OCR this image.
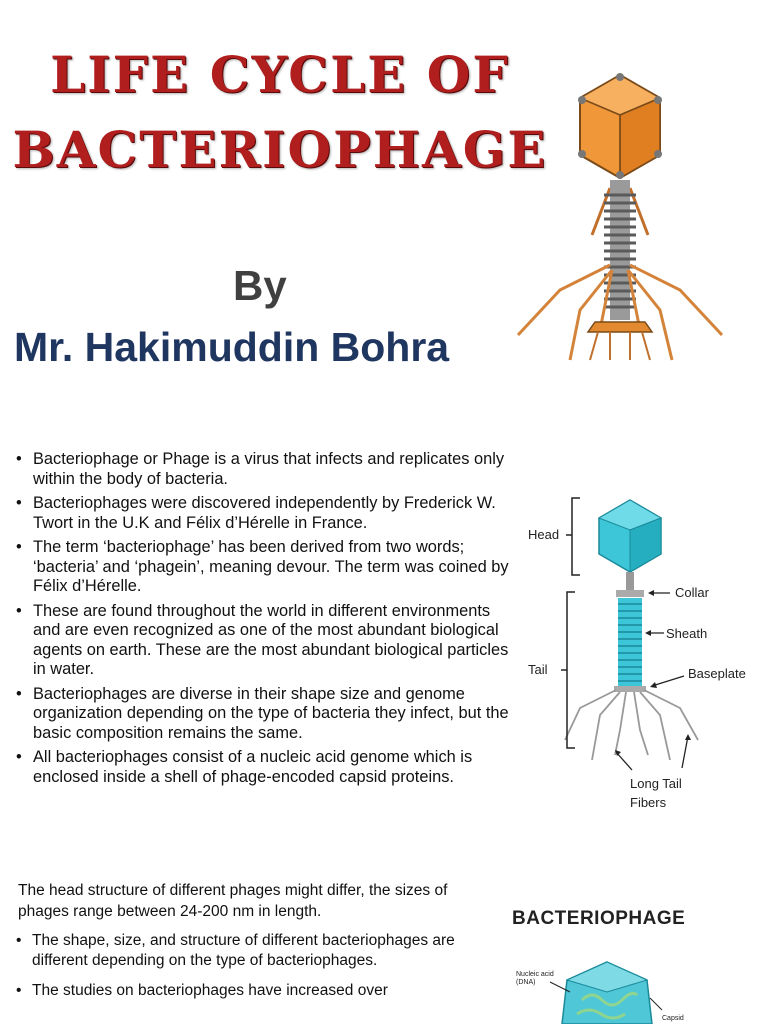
LIFE CYCLE OF
BACTERIOPHAGE
By
Mr. Hakimuddin Bohra
• Bacteriophage or Phage is a virus that infects and replicates only within the body of bacteria.
• Bacteriophages were discovered independently by Frederick W. Twort in the U.K and Félix d’Hérelle in France.
• The term ‘bacteriophage’ has been derived from two words; ‘bacteria’ and ‘phagein’, meaning devour. The term was coined by Félix d’Hérelle.
• These are found throughout the world in different environments and are even recognized as one of the most abundant biological agents on earth. These are the most abundant biological particles in water.
• Bacteriophages are diverse in their shape size and genome organization depending on the type of bacteria they infect, but the basic composition remains the same.
• All bacteriophages consist of a nucleic acid genome which is enclosed inside a shell of phage-encoded capsid proteins.
Head
Tail
Collar
Sheath
Baseplate
Long Tail
Fibers
The head structure of different phages might differ, the sizes of phages range between 24-200 nm in length.
• The shape, size, and structure of different bacteriophages are different depending on the type of bacteriophages.
• The studies on bacteriophages have increased over
BACTERIOPHAGE
Nucleic acid
(DNA)
Capsid
